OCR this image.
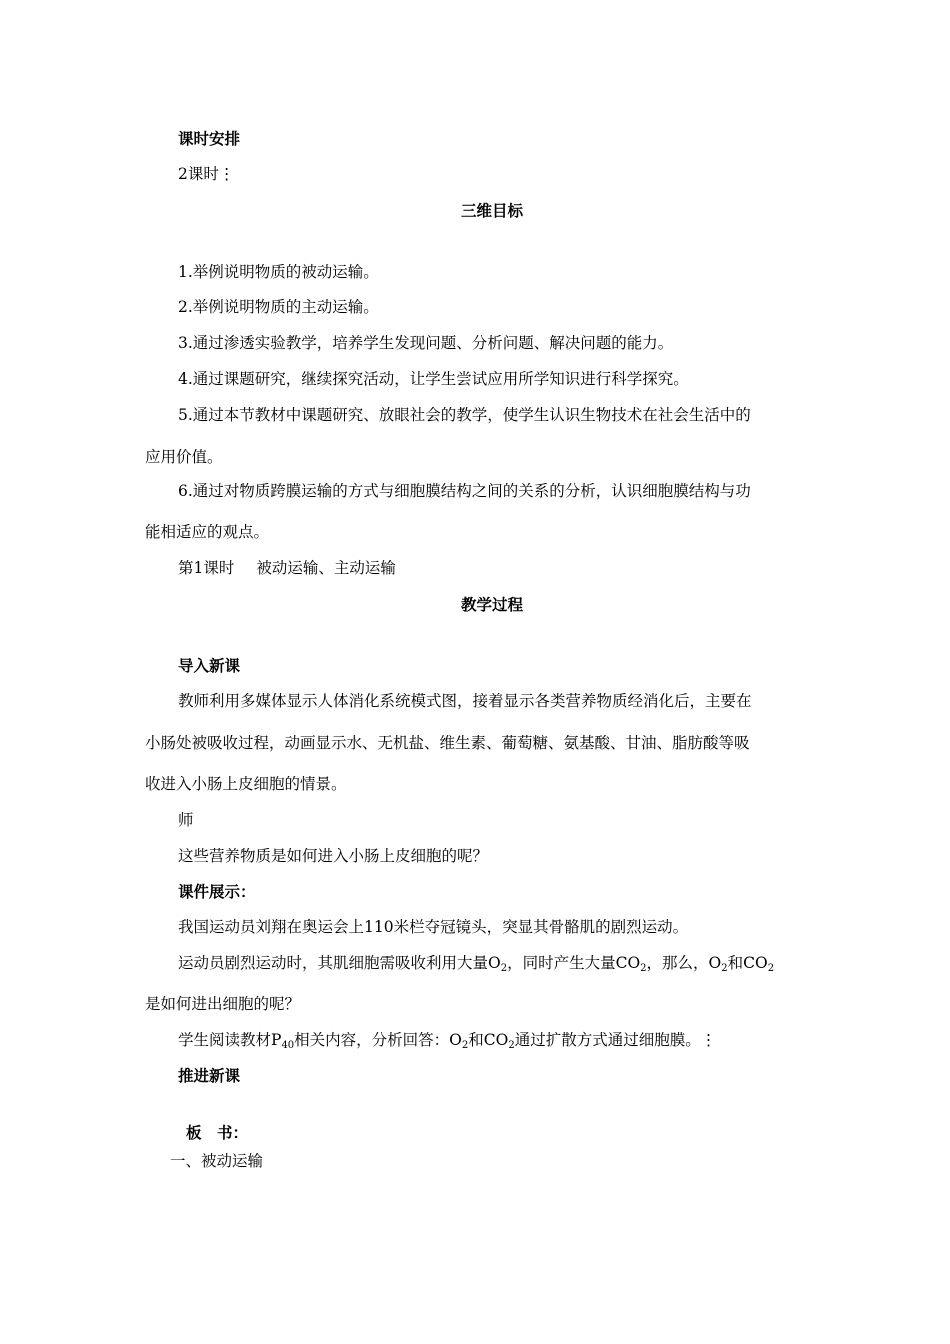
课时安排
2课时⋮
三维目标
1.举例说明物质的被动运输。
2.举例说明物质的主动运输。
3.通过渗透实验教学，培养学生发现问题、分析问题、解决问题的能力。
4.通过课题研究，继续探究活动，让学生尝试应用所学知识进行科学探究。
5.通过本节教材中课题研究、放眼社会的教学，使学生认识生物技术在社会生活中的
应用价值。
6.通过对物质跨膜运输的方式与细胞膜结构之间的关系的分析，认识细胞膜结构与功
能相适应的观点。
第1课时 被动运输、主动运输
教学过程
导入新课
教师利用多媒体显示人体消化系统模式图，接着显示各类营养物质经消化后，主要在
小肠处被吸收过程，动画显示水、无机盐、维生素、葡萄糖、氨基酸、甘油、脂肪酸等吸
收进入小肠上皮细胞的情景。
师
这些营养物质是如何进入小肠上皮细胞的呢？
课件展示：
我国运动员刘翔在奥运会上110米栏夺冠镜头，突显其骨骼肌的剧烈运动。
运动员剧烈运动时，其肌细胞需吸收利用大量$O_2$，同时产生大量$CO_2$，那么，$O_2$和$CO_2$
是如何进出细胞的呢？
学生阅读教材$P_{40}$相关内容，分析回答：$O_2$和$CO_2$通过扩散方式通过细胞膜。⋮
推进新课
板　书：
一、被动运输
